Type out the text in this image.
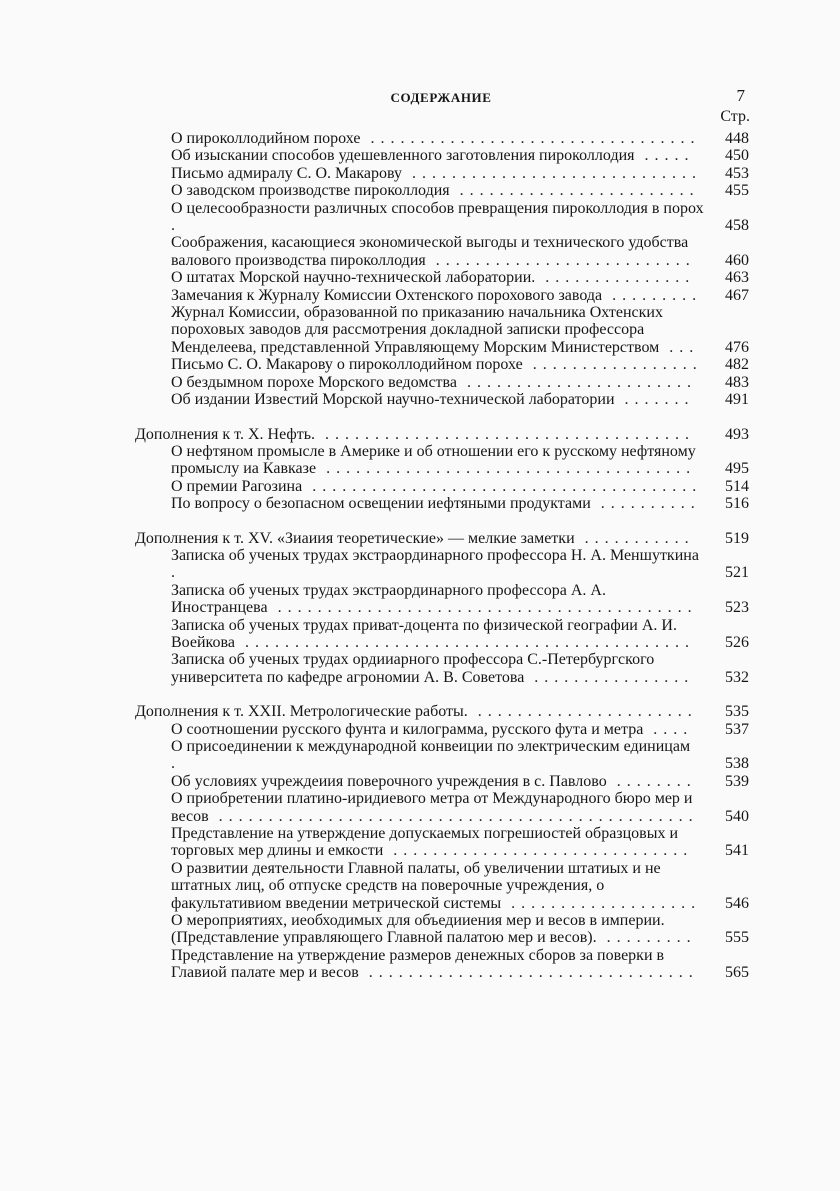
СОДЕРЖАНИЕ	7
Стр.
О пироколлодийном порохе .................................	448
Об изыскании способов удешевленного заготовления пироколлодия .....	450
Письмо адмиралу С. О. Макарову .............................	453
О заводском производстве пироколлодия ........................	455
О целесообразности различных способов превращения пироколлодия в порох .	458
Соображения, касающиеся экономической выгоды и технического удобства валового производства пироколлодия ..........................	460
О штатах Морской научно-технической лаборатории. ...............	463
Замечания к Журналу Комиссии Охтенского порохового завода .........	467
Журнал Комиссии, образованной по приказанию начальника Охтенских пороховых заводов для рассмотрения докладной записки профессора Менделеева, представленной Управляющему Морским Министерством ...	476
Письмо С. О. Макарову о пироколлодийном порохе .................	482
О бездымном порохе Морского ведомства .......................	483
Об издании Известий Морской научно-технической лаборатории .......	491
Дополнения к т. X. Нефть. .....................................	493
О нефтяном промысле в Америке и об отношении его к русскому нефтяному промыслу иа Кавказе .....................................	495
О премии Рагозина .......................................	514
По вопросу о безопасном освещении иефтяными продуктами ..........	516
Дополнения к т. XV. «Зиаиия теоретические» — мелкие заметки ...........	519
Записка об ученых трудах экстраординарного профессора Н. А. Меншуткина .	521
Записка об ученых трудах экстраординарного профессора А. А. Иностранцева ..........................................	523
Записка об ученых трудах приват-доцента по физической географии А. И. Воейкова .............................................	526
Записка об ученых трудах ордииарного профессора С.-Петербургского университета по кафедре агрономии А. В. Советова ................	532
Дополнения к т. XXII. Метрологические работы. ......................	535
О соотношении русского фунта и килограмма, русского фута и метра ....	537
О присоединении к международной конвеиции по электрическим единицам .	538
Об условиях учреждеиия поверочного учреждения в с. Павлово ........	539
О приобретении платино-иридиевого метра от Международного бюро мер и весов ................................................	540
Представление на утверждение допускаемых погрешиостей образцовых и торговых мер длины и емкости ..............................	541
О развитии деятельности Главной палаты, об увеличении штатиых и не штатных лиц, об отпуске средств на поверочные учреждения, о факультативиом введении метрической системы ...................	546
О мероприятиях, иеобходимых для объедииения мер и весов в империи. (Представление управляющего Главной палатою мер и весов). .........	555
Представление на утверждение размеров денежных сборов за поверки в Главиой палате мер и весов .................................	565
